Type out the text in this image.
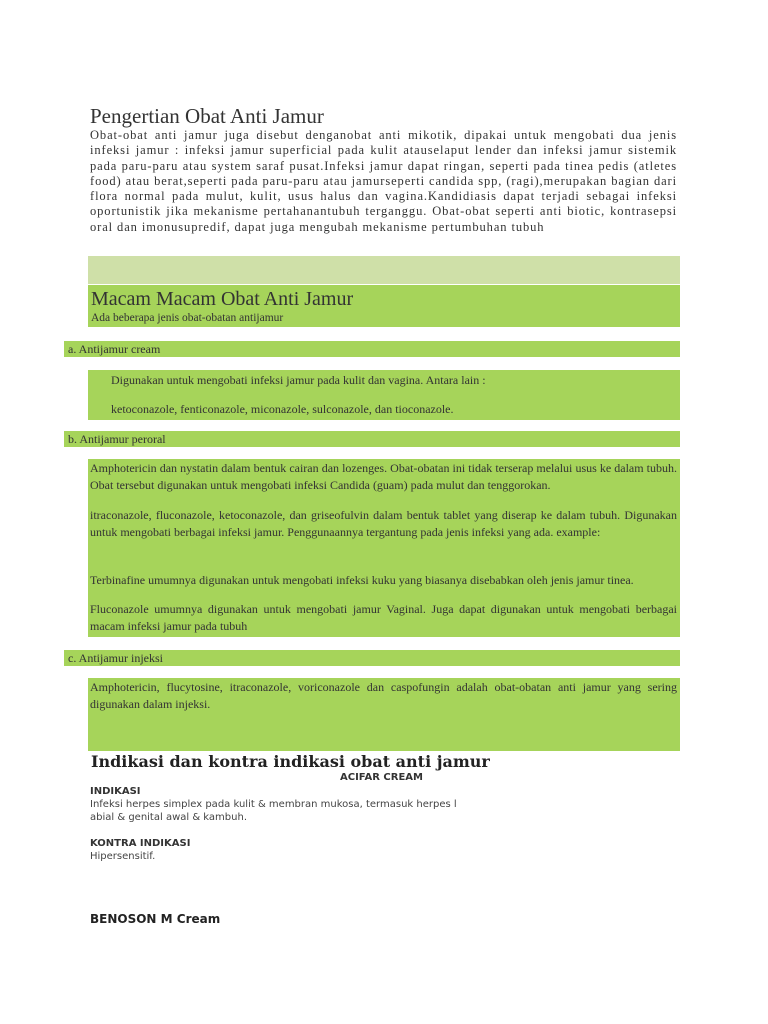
Pengertian Obat Anti Jamur
Obat-obat anti jamur juga disebut denganobat anti mikotik, dipakai untuk mengobati dua jenis infeksi jamur : infeksi jamur superficial pada kulit atauselaput lender dan infeksi jamur sistemik pada paru-paru atau system saraf pusat.Infeksi jamur dapat ringan, seperti pada tinea pedis (atletes food) atau berat,seperti pada paru-paru atau jamurseperti candida spp, (ragi),merupakan bagian dari flora normal pada mulut, kulit, usus halus dan vagina.Kandidiasis dapat terjadi sebagai infeksi oportunistik jika mekanisme pertahanantubuh terganggu. Obat-obat seperti anti biotic, kontrasepsi oral dan imonusupredif, dapat juga mengubah mekanisme pertumbuhan tubuh
Macam Macam Obat Anti Jamur
Ada beberapa jenis obat-obatan antijamur
a. Antijamur cream
Digunakan untuk mengobati infeksi jamur pada kulit dan vagina. Antara lain :
ketoconazole, fenticonazole, miconazole, sulconazole, dan tioconazole.
b. Antijamur peroral

Amphotericin dan nystatin dalam bentuk cairan dan lozenges. Obat-obatan ini tidak terserap melalui usus ke dalam tubuh. Obat tersebut digunakan untuk mengobati infeksi Candida (guam) pada mulut dan tenggorokan.

itraconazole, fluconazole, ketoconazole, dan griseofulvin dalam bentuk tablet yang diserap ke dalam tubuh. Digunakan untuk mengobati berbagai infeksi jamur. Penggunaannya tergantung pada jenis infeksi yang ada. example:

Terbinafine umumnya digunakan untuk mengobati infeksi kuku yang biasanya disebabkan oleh jenis jamur tinea.

Fluconazole umumnya digunakan untuk mengobati jamur Vaginal. Juga dapat digunakan untuk mengobati berbagai macam infeksi jamur pada tubuh

c. Antijamur injeksi

Amphotericin, flucytosine, itraconazole, voriconazole dan caspofungin adalah obat-obatan anti jamur yang sering digunakan dalam injeksi.

Indikasi dan kontra indikasi obat anti jamur
ACIFAR CREAM
INDIKASI
Infeksi herpes simplex pada kulit & membran mukosa, termasuk herpes l
abial & genital awal & kambuh.
KONTRA INDIKASI
Hipersensitif.
BENOSON M Cream
